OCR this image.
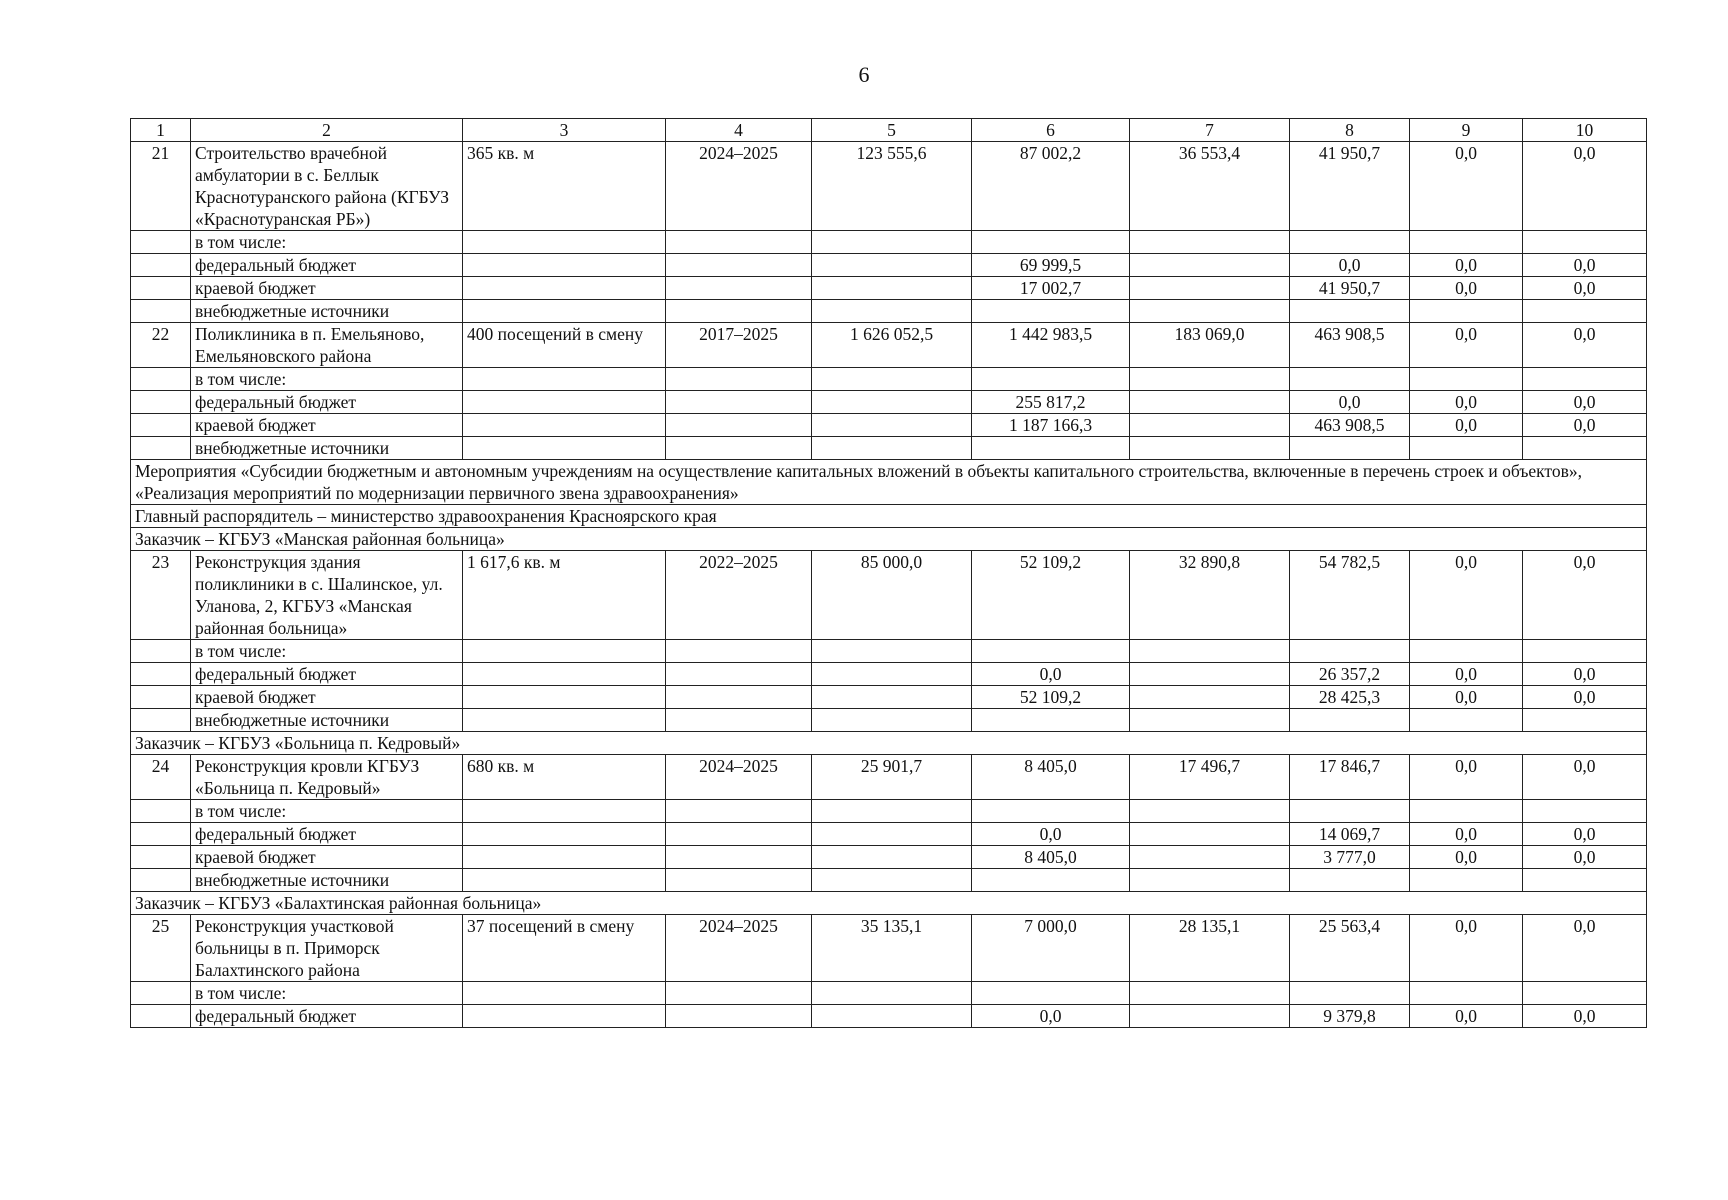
6
1	2	3	4	5	6	7	8	9	10
21	Строительство врачебной амбулатории в с. Беллык Краснотуранского района (КГБУЗ «Краснотуранская РБ»)	365 кв. м	2024–2025	123 555,6	87 002,2	36 553,4	41 950,7	0,0	0,0
	в том числе:								
	федеральный бюджет				69 999,5		0,0	0,0	0,0
	краевой бюджет				17 002,7		41 950,7	0,0	0,0
	внебюджетные источники								
22	Поликлиника в п. Емельяново, Емельяновского района	400 посещений в смену	2017–2025	1 626 052,5	1 442 983,5	183 069,0	463 908,5	0,0	0,0
	в том числе:								
	федеральный бюджет				255 817,2		0,0	0,0	0,0
	краевой бюджет				1 187 166,3		463 908,5	0,0	0,0
	внебюджетные источники								
Мероприятия «Субсидии бюджетным и автономным учреждениям на осуществление капитальных вложений в объекты капитального строительства, включенные в перечень строек и объектов», «Реализация мероприятий по модернизации первичного звена здравоохранения»									
Главный распорядитель – министерство здравоохранения Красноярского края									
Заказчик – КГБУЗ «Манская районная больница»									
23	Реконструкция здания поликлиники в с. Шалинское, ул. Уланова, 2, КГБУЗ «Манская районная больница»	1 617,6 кв. м	2022–2025	85 000,0	52 109,2	32 890,8	54 782,5	0,0	0,0
	в том числе:								
	федеральный бюджет				0,0		26 357,2	0,0	0,0
	краевой бюджет				52 109,2		28 425,3	0,0	0,0
	внебюджетные источники								
Заказчик – КГБУЗ «Больница п. Кедровый»									
24	Реконструкция кровли КГБУЗ «Больница п. Кедровый»	680 кв. м	2024–2025	25 901,7	8 405,0	17 496,7	17 846,7	0,0	0,0
	в том числе:								
	федеральный бюджет				0,0		14 069,7	0,0	0,0
	краевой бюджет				8 405,0		3 777,0	0,0	0,0
	внебюджетные источники								
Заказчик – КГБУЗ «Балахтинская районная больница»									
25	Реконструкция участковой больницы в п. Приморск Балахтинского района	37 посещений в смену	2024–2025	35 135,1	7 000,0	28 135,1	25 563,4	0,0	0,0
	в том числе:								
	федеральный бюджет				0,0		9 379,8	0,0	0,0
